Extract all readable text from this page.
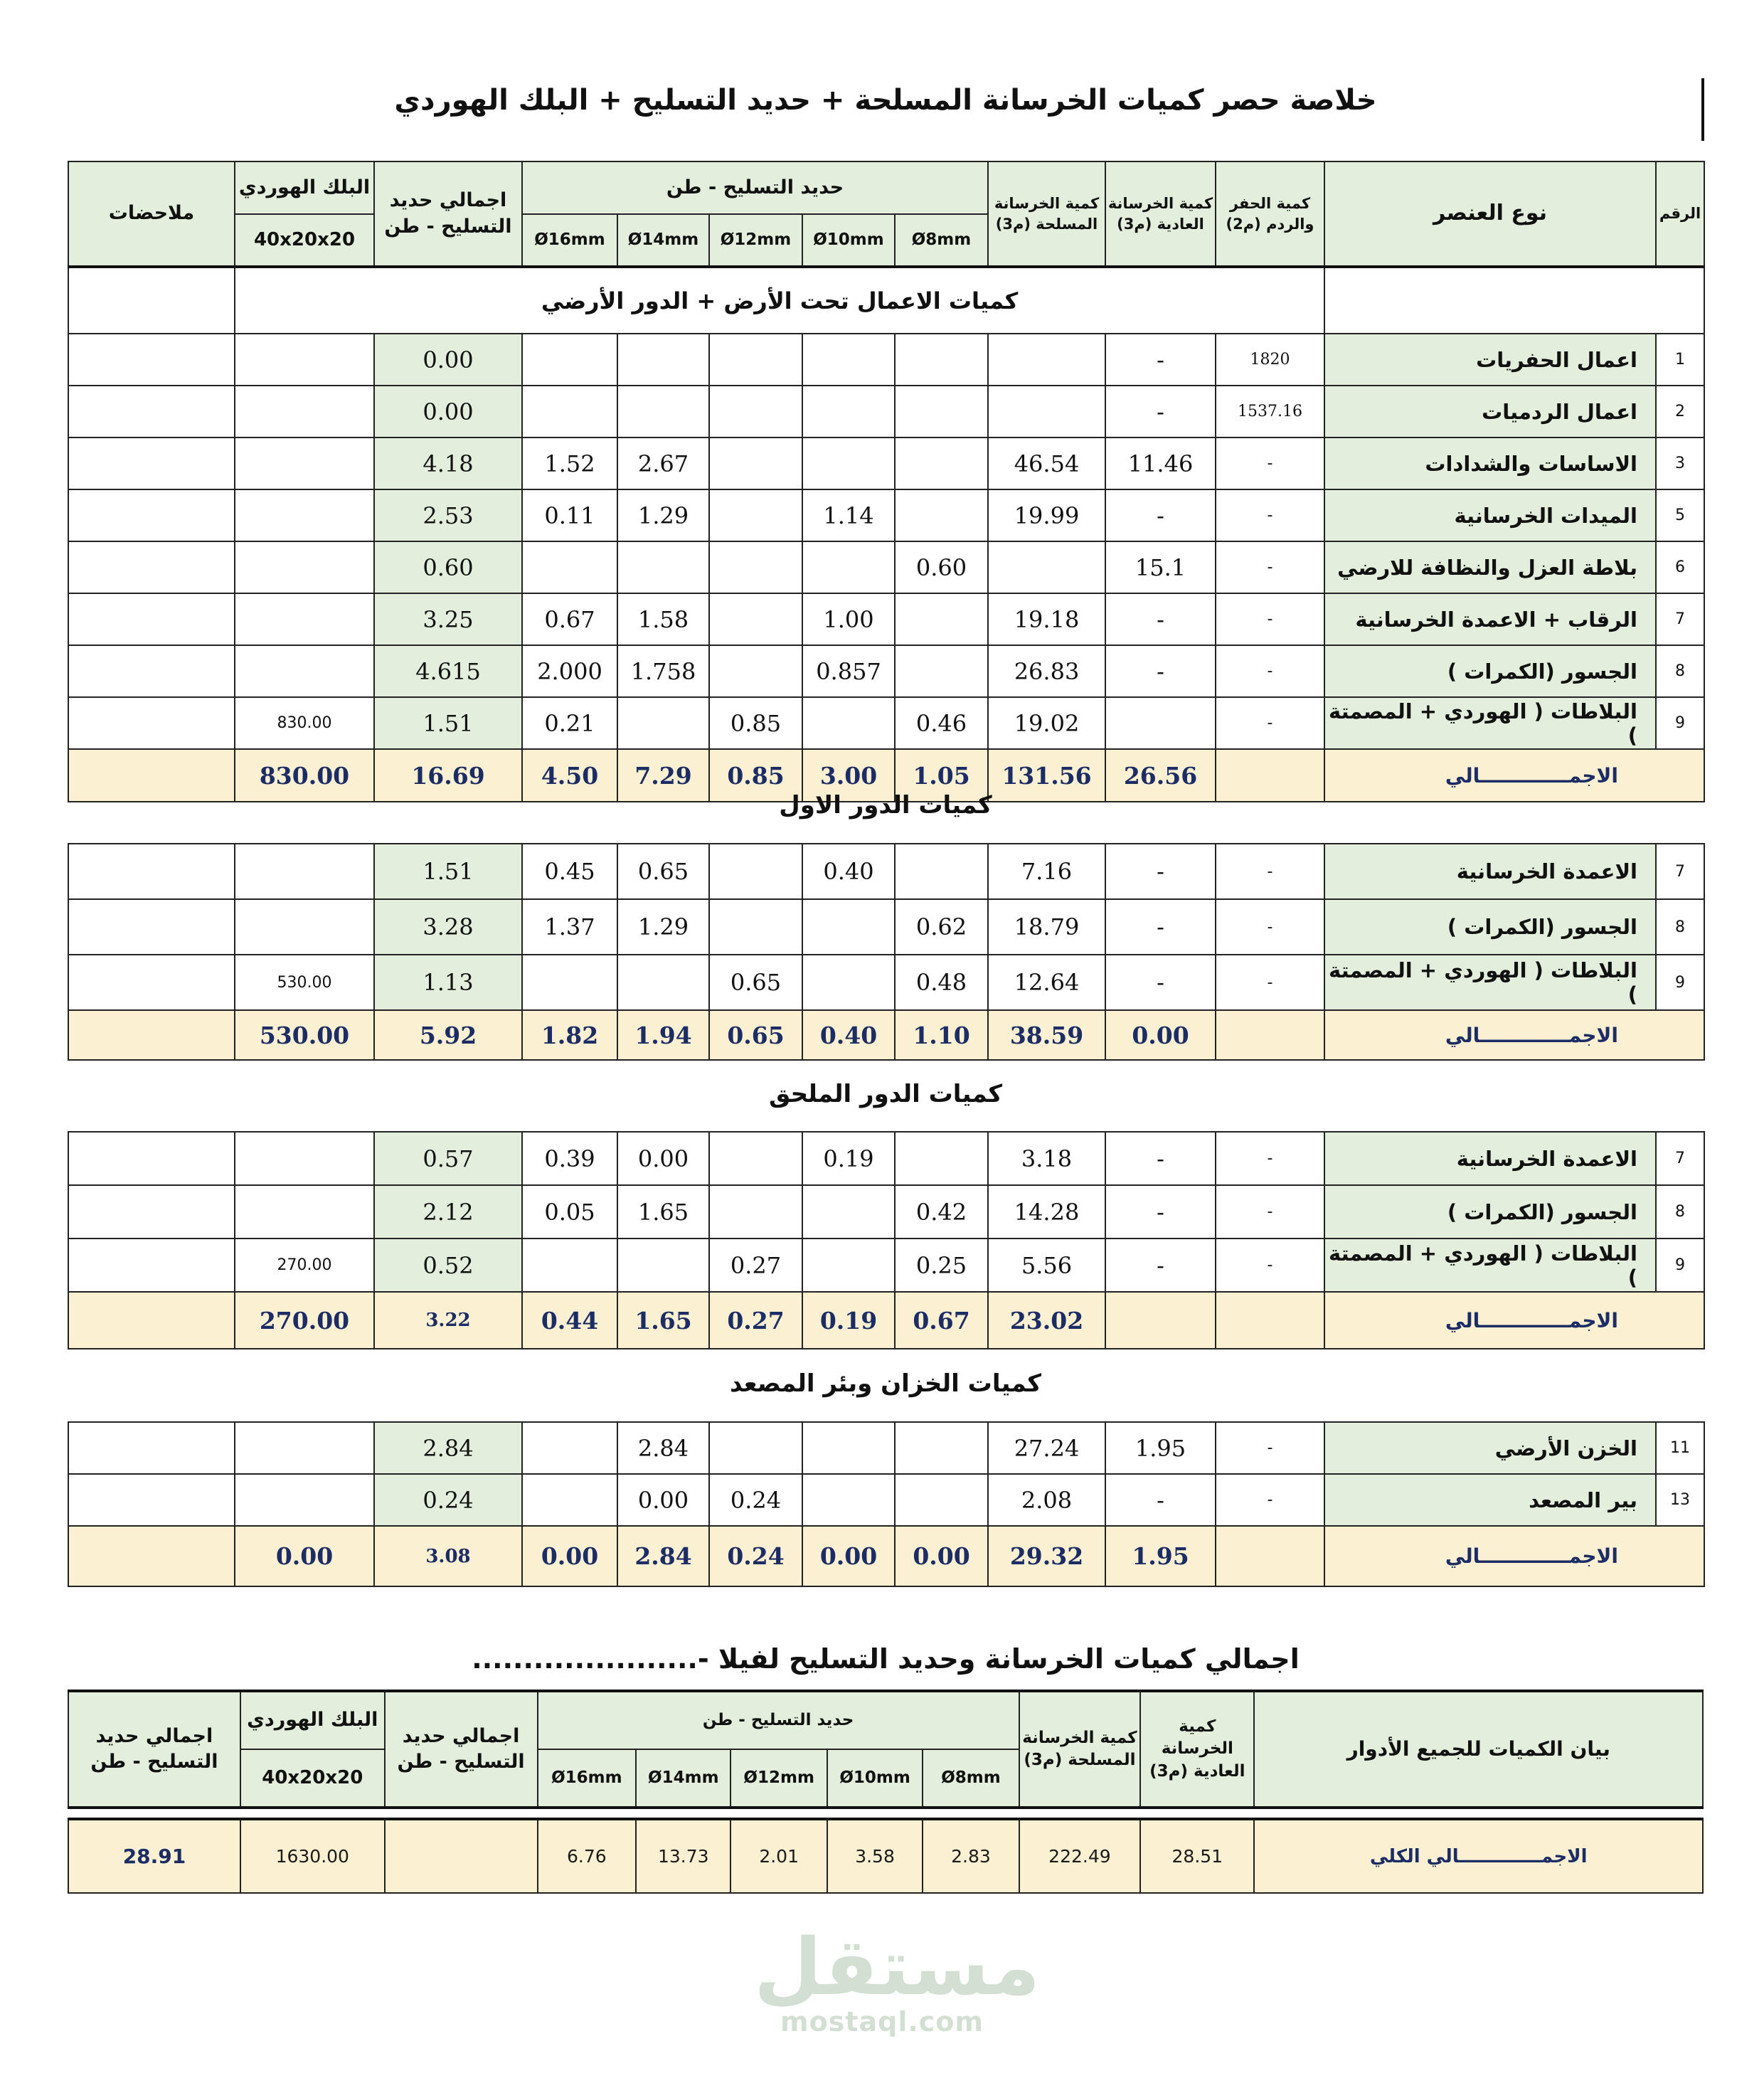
خلاصة حصر كميات الخرسانة المسلحة + حديد التسليح + البلك الهوردي
الرقم	نوع العنصر	كمية الحفر والردم (م2)	كمية الخرسانة العادية (م3)	كمية الخرسانة المسلحة (م3)	حديد التسليح - طن					اجمالي حديد التسليح - طن	البلك الهوردي	ملاحضات
					Ø8mm	Ø10mm	Ø12mm	Ø14mm	Ø16mm		40x20x20	
		كميات الاعمال تحت الأرض + الدور الأرضي										
1	اعمال الحفريات	1820	-							0.00		
2	اعمال الردميات	1537.16	-							0.00		
3	الاساسات والشدادات	-	11.46	46.54				2.67	1.52	4.18		
5	الميدات الخرسانية	-	-	19.99		1.14		1.29	0.11	2.53		
6	بلاطة العزل والنظافة للارضي	-	15.1		0.60					0.60		
7	الرقاب + الاعمدة الخرسانية	-	-	19.18		1.00		1.58	0.67	3.25		
8	الجسور (الكمرات )	-	-	26.83		0.857		1.758	2.000	4.615		
9	البلاطات ( الهوردي + المصمتة )	-		19.02	0.46		0.85		0.21	1.51	830.00	
الاجمـــــــــــــالي			26.56	131.56	1.05	3.00	0.85	7.29	4.50	16.69	830.00	
كميات الدور الاول
7	الاعمدة الخرسانية	-	-	7.16		0.40		0.65	0.45	1.51		
8	الجسور (الكمرات )	-	-	18.79	0.62			1.29	1.37	3.28		
9	البلاطات ( الهوردي + المصمتة )	-	-	12.64	0.48		0.65			1.13	530.00	
الاجمـــــــــــــالي			0.00	38.59	1.10	0.40	0.65	1.94	1.82	5.92	530.00	
كميات الدور الملحق
7	الاعمدة الخرسانية	-	-	3.18		0.19		0.00	0.39	0.57		
8	الجسور (الكمرات )	-	-	14.28	0.42			1.65	0.05	2.12		
9	البلاطات ( الهوردي + المصمتة )	-	-	5.56	0.25		0.27			0.52	270.00	
الاجمـــــــــــــالي				23.02	0.67	0.19	0.27	1.65	0.44	3.22	270.00	
كميات الخزان وبئر المصعد
11	الخزن الأرضي	-	1.95	27.24				2.84		2.84		
13	بير المصعد	-	-	2.08			0.24	0.00		0.24		
الاجمـــــــــــــالي			1.95	29.32	0.00	0.00	0.24	2.84	0.00	3.08	0.00	
اجمالي كميات الخرسانة وحديد التسليح لفيلا -......................
بيان الكميات للجميع الأدوار	كمية الخرسانة العادية (م3)	كمية الخرسانة المسلحة (م3)	حديد التسليح - طن					اجمالي حديد التسليح - طن	البلك الهوردي	اجمالي حديد التسليح - طن
			Ø8mm	Ø10mm	Ø12mm	Ø14mm	Ø16mm		40x20x20	
الاجمـــــــــــــالي الكلي	28.51	222.49	2.83	3.58	2.01	13.73	6.76		1630.00	28.91
مستقل
mostaql.com
